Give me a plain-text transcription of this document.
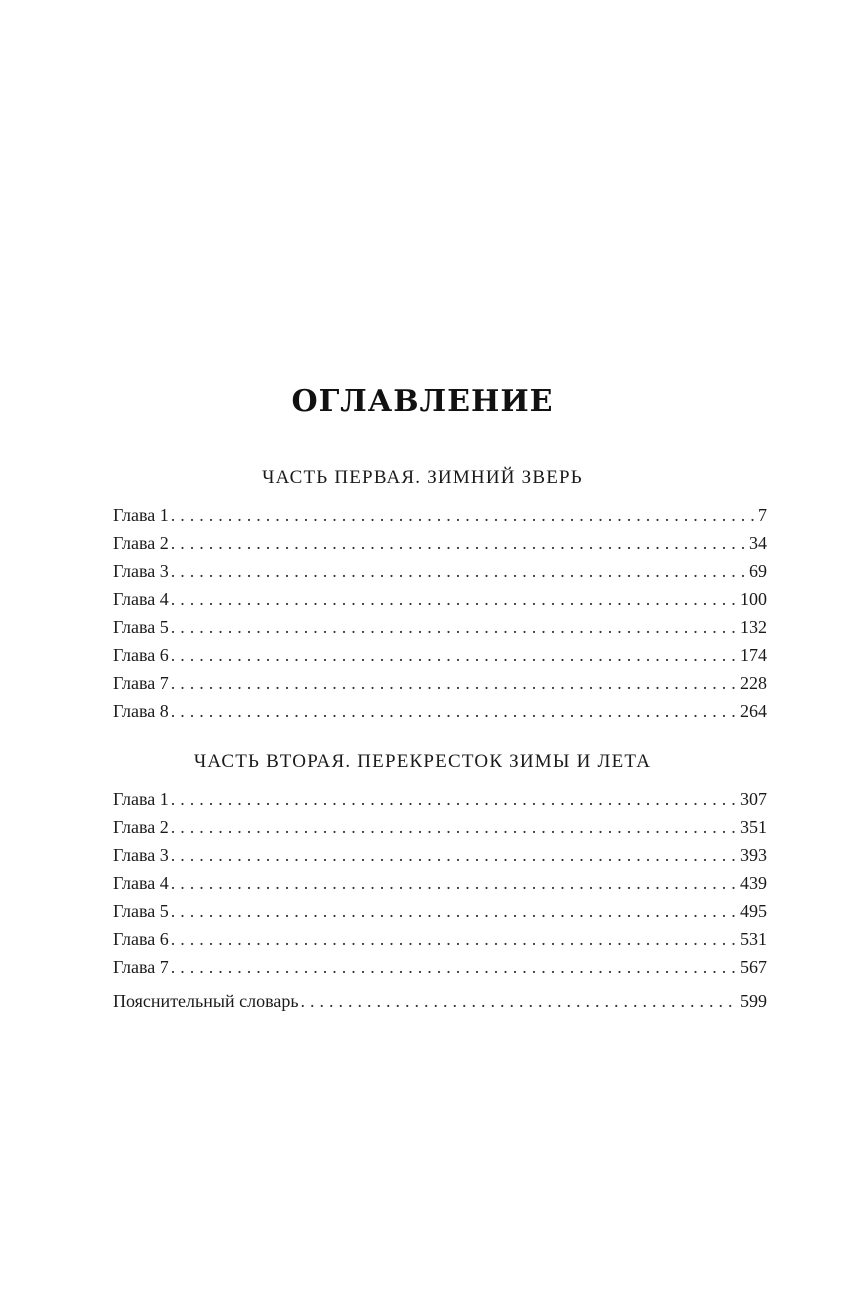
ОГЛАВЛЕНИЕ
ЧАСТЬ ПЕРВАЯ. ЗИМНИЙ ЗВЕРЬ
Глава 1 . . .	7
Глава 2 . . .	34
Глава 3 . . .	69
Глава 4 . . .	100
Глава 5 . . .	132
Глава 6 . . .	174
Глава 7 . . .	228
Глава 8 . . .	264
ЧАСТЬ ВТОРАЯ. ПЕРЕКРЕСТОК ЗИМЫ И ЛЕТА
Глава 1 . . .	307
Глава 2 . . .	351
Глава 3 . . .	393
Глава 4 . . .	439
Глава 5 . . .	495
Глава 6 . . .	531
Глава 7 . . .	567
Пояснительный словарь . . .	599
